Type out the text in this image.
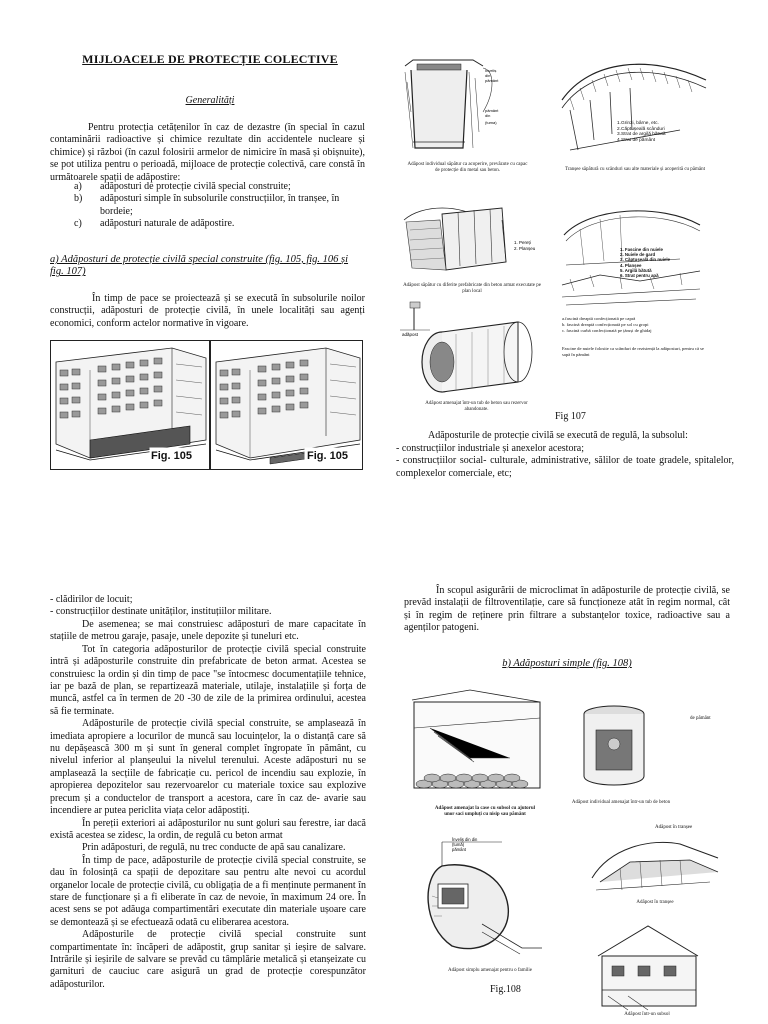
MIJLOACELE DE PROTECȚIE COLECTIVE
Generalități
Pentru protecția cetățenilor în caz de dezastre (în special în cazul contaminării radioactive și chimice rezultate din accidentele nucleare și chimice) și război (în cazul folosirii armelor de nimicire în masă și obișnuite), se pot utiliza pentru o perioadă, mijloace de protecție colectivă, care constă în următoarele spații de adăpostire:
a)	adăposturi de protecție civilă special construite;
b)	adăposturi simple în subsolurile construcțiilor, în tranșee, în bordeie;
c)	adăposturi naturale de adăpostire.
a) Adăposturi de protecție civilă special construite (fig. 105, fig. 106 și fig. 107)
În timp de pace se proiectează și se execută în subsolurile noilor construcții, adăposturi de protecție civilă, în unele localități sau agenți economici, conform actelor normative în vigoare.
Fig. 105	Fig. 105
înveliș
din
pământ
pâmânt
din
(tuma)
Adăpost individual săpătur ca acoperire, prevăzute cu capac de protecție din metal sau beton.
1.Grinzi, bârne, etc.
2.Căptușeală scânduri
3.Strat de argilă bătută
4.Strat de pământ
Tranșee săpătură cu scânduri sau alte materiale și acoperită cu pământ
1. Pereți
2. Planșeu
Adăpost săpătur cu diferite prefabricate din beton armat executate pe plan local
1. Fascine din nuiele
2. Nuiele de gard
3. Căptușeală din nuiele
4. Planșee
5. Argilă bătută
6. Strat pentru apă
a.fascină dreaptă confecționată pe capră
b. fascină dreaptă confecționată pe sol cu gropi
c. fascină curbă confecționată pe țăruși de ghidaj
Fascine de nuiele folosite ca scânduri de rezistență la adăposturi, pentru că se sapă în pământ
adăpost
Adăpost amenajat într-un tub de beton sau rezervor abandonate.
Fig 107
Adăposturile de protecție civilă se execută de regulă, la subsolul:
- construcțiilor industriale și anexelor acestora;
- construcțiilor social- culturale, administrative, sălilor de toate gradele, spitalelor, complexelor comerciale, etc;
- clădirilor de locuit;
- construcțiilor destinate unităților, instituțiilor militare.
De asemenea; se mai construiesc adăposturi de mare capacitate în stațiile de metrou garaje, pasaje, unele depozite și tuneluri etc.
Tot în categoria adăposturilor de protecție civilă special construite intră și adăposturile construite din prefabricate de beton armat. Acestea se construiesc la ordin și din timp de pace "se întocmesc documentațiile tehnice, iar pe bază de plan, se repartizează materiale, utilaje, instalațiile și forța de muncă, astfel ca în termen de 20 -30 de zile de la primirea ordinului, acestea să fie terminate.
Adăposturile de protecție civilă special construite, se amplasează în imediata apropiere a locurilor de muncă sau locuințelor, la o distanță care să nu depășească 300 m și sunt în general complet îngropate în pământ, cu nivelul inferior al planșeului la nivelul terenului. Aceste adăposturi nu se amplasează la secțiile de fabricație cu. pericol de incendiu sau explozie, în apropierea depozitelor sau rezervoarelor cu materiale toxice sau explozive precum și a conductelor de transport a acestora, care în caz de- avarie sau incendiere ar putea periclita viața celor adăpostiți.
În pereții exteriori ai adăposturilor nu sunt goluri sau ferestre, iar dacă există acestea se zidesc, la ordin, de regulă cu beton armat
Prin adăposturi, de regulă, nu trec conducte de apă sau canalizare.
În timp de pace, adăposturile de protecție civilă special construite, se dau în folosință ca spații de depozitare sau pentru alte nevoi cu acordul organelor locale de protecție civilă, cu obligația de a fi menținute permanent în stare de funcționare și a fi eliberate în caz de nevoie, în maximum 24 ore. În acest sens se pot adăuga compartimentări executate din materiale ușoare care se demontează și se efectuează odată cu eliberarea acestora.
Adăposturile de protecție civilă special construite sunt compartimentate în: încăperi de adăpostit, grup sanitar și ieșire de salvare. Intrările și ieșirile de salvare se prevăd cu tâmplărie metalică și etanșeizate cu garnituri de cauciuc care asigură un grad de protecție corespunzător adăposturilor.
În scopul asigurării de microclimat în adăposturile de protecție civilă, se prevăd instalații de filtroventilație, care să funcționeze atât în regim normal, cât și în regim de reținere prin filtrare a substanțelor toxice, radioactive sau a agenților patogeni.
b) Adăposturi simple (fig. 108)
Adăpost amenajat la case cu subsol cu ajutorul unor saci umpluți cu nisip sau pământ
de pământ
Adăpost individual amenajat într-un tub de beton
Înveliș din din
(tumă)
pământ
Adăpost simplu amenajat pentru o familie
Adăpost în tranșee
Adăpost în tranșee
Fig.108
Adăpost într-un subsol
